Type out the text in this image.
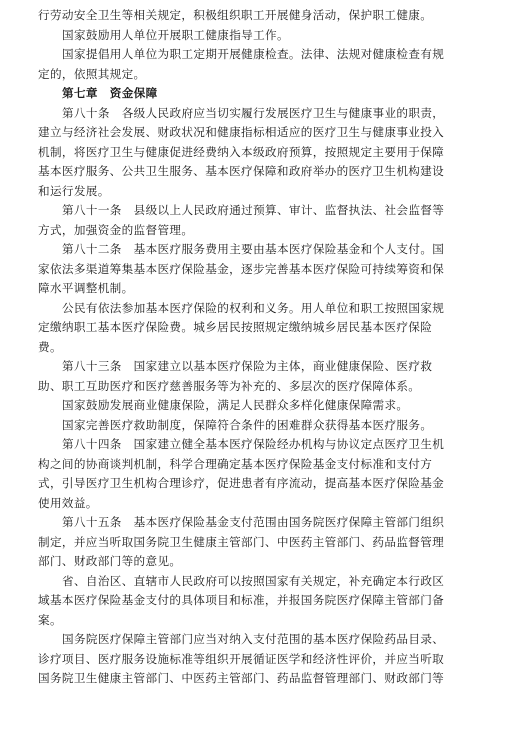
行劳动安全卫生等相关规定，积极组织职工开展健身活动，保护职工健康。
国家鼓励用人单位开展职工健康指导工作。
国家提倡用人单位为职工定期开展健康检查。法律、法规对健康检查有规
定的，依照其规定。
第七章　资金保障
第八十条　各级人民政府应当切实履行发展医疗卫生与健康事业的职责，
建立与经济社会发展、财政状况和健康指标相适应的医疗卫生与健康事业投入
机制，将医疗卫生与健康促进经费纳入本级政府预算，按照规定主要用于保障
基本医疗服务、公共卫生服务、基本医疗保障和政府举办的医疗卫生机构建设
和运行发展。
第八十一条　县级以上人民政府通过预算、审计、监督执法、社会监督等
方式，加强资金的监督管理。
第八十二条　基本医疗服务费用主要由基本医疗保险基金和个人支付。国
家依法多渠道筹集基本医疗保险基金，逐步完善基本医疗保险可持续筹资和保
障水平调整机制。
公民有依法参加基本医疗保险的权利和义务。用人单位和职工按照国家规
定缴纳职工基本医疗保险费。城乡居民按照规定缴纳城乡居民基本医疗保险
费。
第八十三条　国家建立以基本医疗保险为主体，商业健康保险、医疗救
助、职工互助医疗和医疗慈善服务等为补充的、多层次的医疗保障体系。
国家鼓励发展商业健康保险，满足人民群众多样化健康保障需求。
国家完善医疗救助制度，保障符合条件的困难群众获得基本医疗服务。
第八十四条　国家建立健全基本医疗保险经办机构与协议定点医疗卫生机
构之间的协商谈判机制，科学合理确定基本医疗保险基金支付标准和支付方
式，引导医疗卫生机构合理诊疗，促进患者有序流动，提高基本医疗保险基金
使用效益。
第八十五条　基本医疗保险基金支付范围由国务院医疗保障主管部门组织
制定，并应当听取国务院卫生健康主管部门、中医药主管部门、药品监督管理
部门、财政部门等的意见。
省、自治区、直辖市人民政府可以按照国家有关规定，补充确定本行政区
域基本医疗保险基金支付的具体项目和标准，并报国务院医疗保障主管部门备
案。
国务院医疗保障主管部门应当对纳入支付范围的基本医疗保险药品目录、
诊疗项目、医疗服务设施标准等组织开展循证医学和经济性评价，并应当听取
国务院卫生健康主管部门、中医药主管部门、药品监督管理部门、财政部门等
